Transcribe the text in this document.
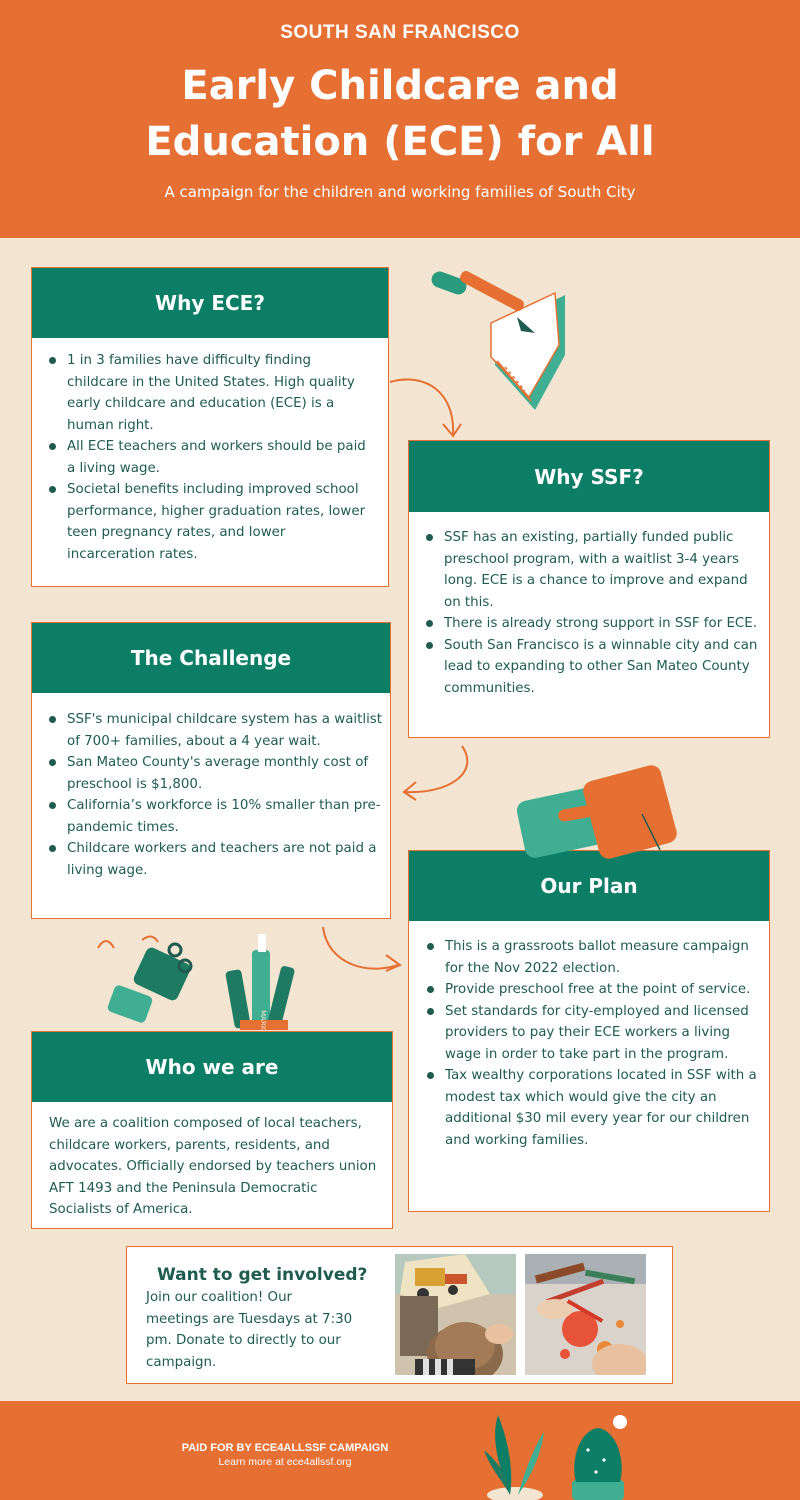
SOUTH SAN FRANCISCO
Early Childcare and
Education (ECE) for All
A campaign for the children and working families of South City
Why ECE?
1 in 3 families have difficulty finding childcare in the United States. High quality early childcare and education (ECE) is a human right.
All ECE teachers and workers should be paid a living wage.
Societal benefits including improved school performance, higher graduation rates, lower teen pregnancy rates, and lower incarceration rates.
Why SSF?
SSF has an existing, partially funded public preschool program, with a waitlist 3-4 years long. ECE is a chance to improve and expand on this.
There is already strong support in SSF for ECE.
South San Francisco is a winnable city and can lead to expanding to other San Mateo County communities.
The Challenge
SSF's municipal childcare system has a waitlist of 700+ families, about a 4 year wait.
San Mateo County's average monthly cost of preschool is $1,800.
California’s workforce is 10% smaller than pre-pandemic times.
Childcare workers and teachers are not paid a living wage.
Our Plan
This is a grassroots ballot measure campaign for the Nov 2022 election.
Provide preschool free at the point of service.
Set standards for city-employed and licensed providers to pay their ECE workers a living wage in order to take part in the program.
Tax wealthy corporations located in SSF with a modest tax which would give the city an additional $30 mil every year for our children and working families.
Who we are
We are a coalition composed of local teachers, childcare workers, parents, residents, and advocates. Officially endorsed by teachers union AFT 1493 and the Peninsula Democratic Socialists of America.
Want to get involved?
Join our coalition! Our meetings are Tuesdays at 7:30 pm. Donate to directly to our campaign.
PAID FOR BY ECE4ALLSSF CAMPAIGN
Learn more at ece4allssf.org
MARK
